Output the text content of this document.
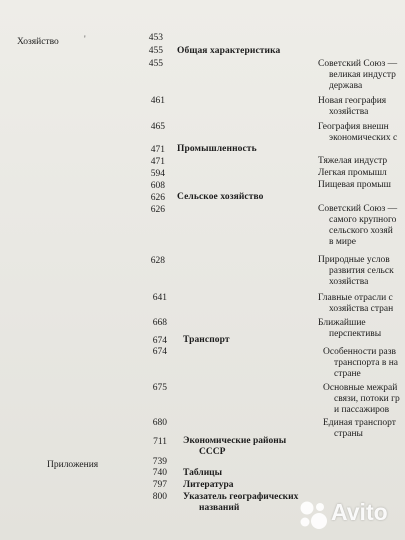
Хозяйство	'
Приложения
453
455
455
461
465
471
471
594
608
626
626
628
641
668
674
674
675
680
711
739
740
797
800
Общая характеристика
Промышленность
Сельское хозяйство
Транспорт
Экономические районы
СССР
Таблицы
Литература
Указатель географических
названий
Советский Союз —
великая индустр
держава
Новая география
хозяйства
География внешн
экономических с
Тяжелая индустр
Легкая промышл
Пищевая промыш
Советский Союз —
самого крупного
сельского хозяй
в мире
Природные услов
развития сельск
хозяйства
Главные отрасли с
хозяйства стран
Ближайшие
перспективы
Особенности разв
транспорта в на
стране
Основные межрай
связи, потоки гр
и пассажиров
Единая транспорт
страны
Avito
